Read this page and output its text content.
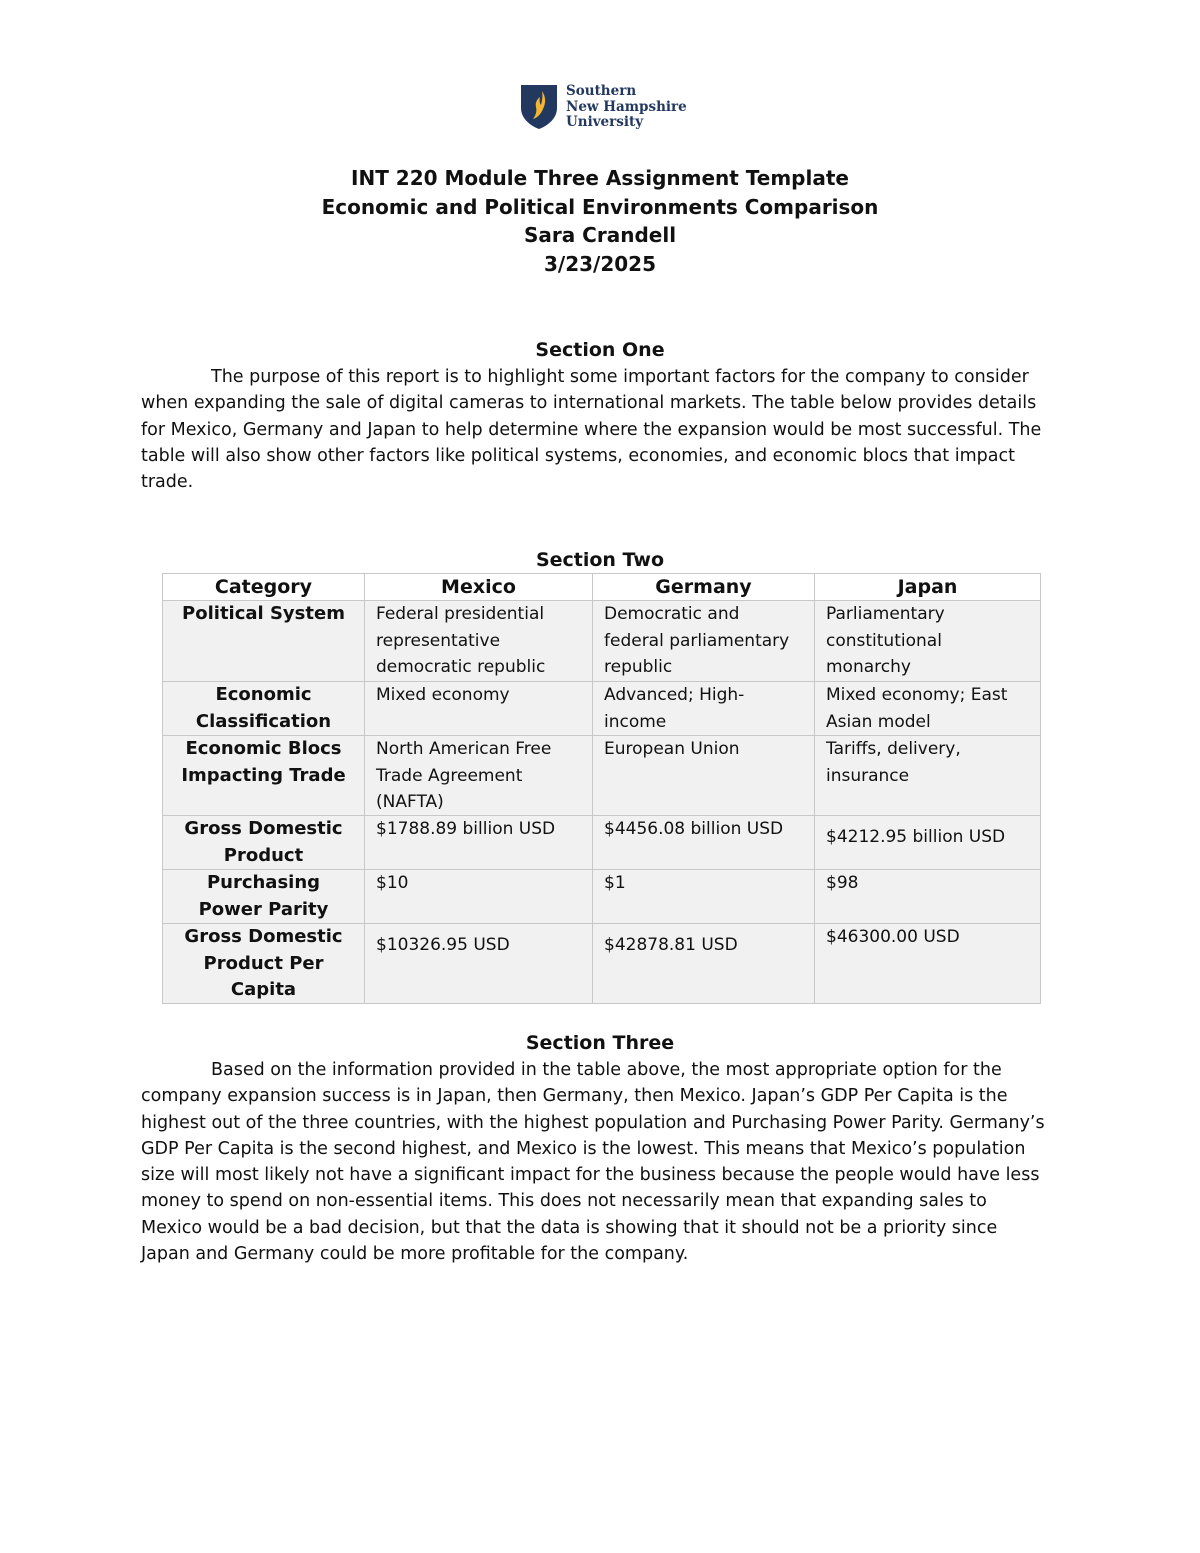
Southern
New Hampshire
University
INT 220 Module Three Assignment Template
Economic and Political Environments Comparison
Sara Crandell
3/23/2025
Section One

The purpose of this report is to highlight some important factors for the company to consider when expanding the sale of digital cameras to international markets. The table below provides details for Mexico, Germany and Japan to help determine where the expansion would be most successful. The table will also show other factors like political systems, economies, and economic blocs that impact trade.

Section Two
Category	Mexico	Germany	Japan
Political System	Federal presidential representative democratic republic	Democratic and federal parliamentary republic	Parliamentary constitutional monarchy
Economic Classification	Mixed economy	Advanced; High-income	Mixed economy; East Asian model
Economic Blocs Impacting Trade	North American Free Trade Agreement (NAFTA)	European Union	Tariffs, delivery, insurance
Gross Domestic Product	$1788.89 billion USD	$4456.08 billion USD	$4212.95 billion USD

Purchasing Power Parity	$10	$1	$98
Gross Domestic Product Per Capita	$10326.95 USD	$42878.81 USD	$46300.00 USD
Section Three

Based on the information provided in the table above, the most appropriate option for the company expansion success is in Japan, then Germany, then Mexico. Japan’s GDP Per Capita is the highest out of the three countries, with the highest population and Purchasing Power Parity. Germany’s GDP Per Capita is the second highest, and Mexico is the lowest. This means that Mexico’s population size will most likely not have a significant impact for the business because the people would have less money to spend on non-essential items. This does not necessarily mean that expanding sales to Mexico would be a bad decision, but that the data is showing that it should not be a priority since Japan and Germany could be more profitable for the company.
